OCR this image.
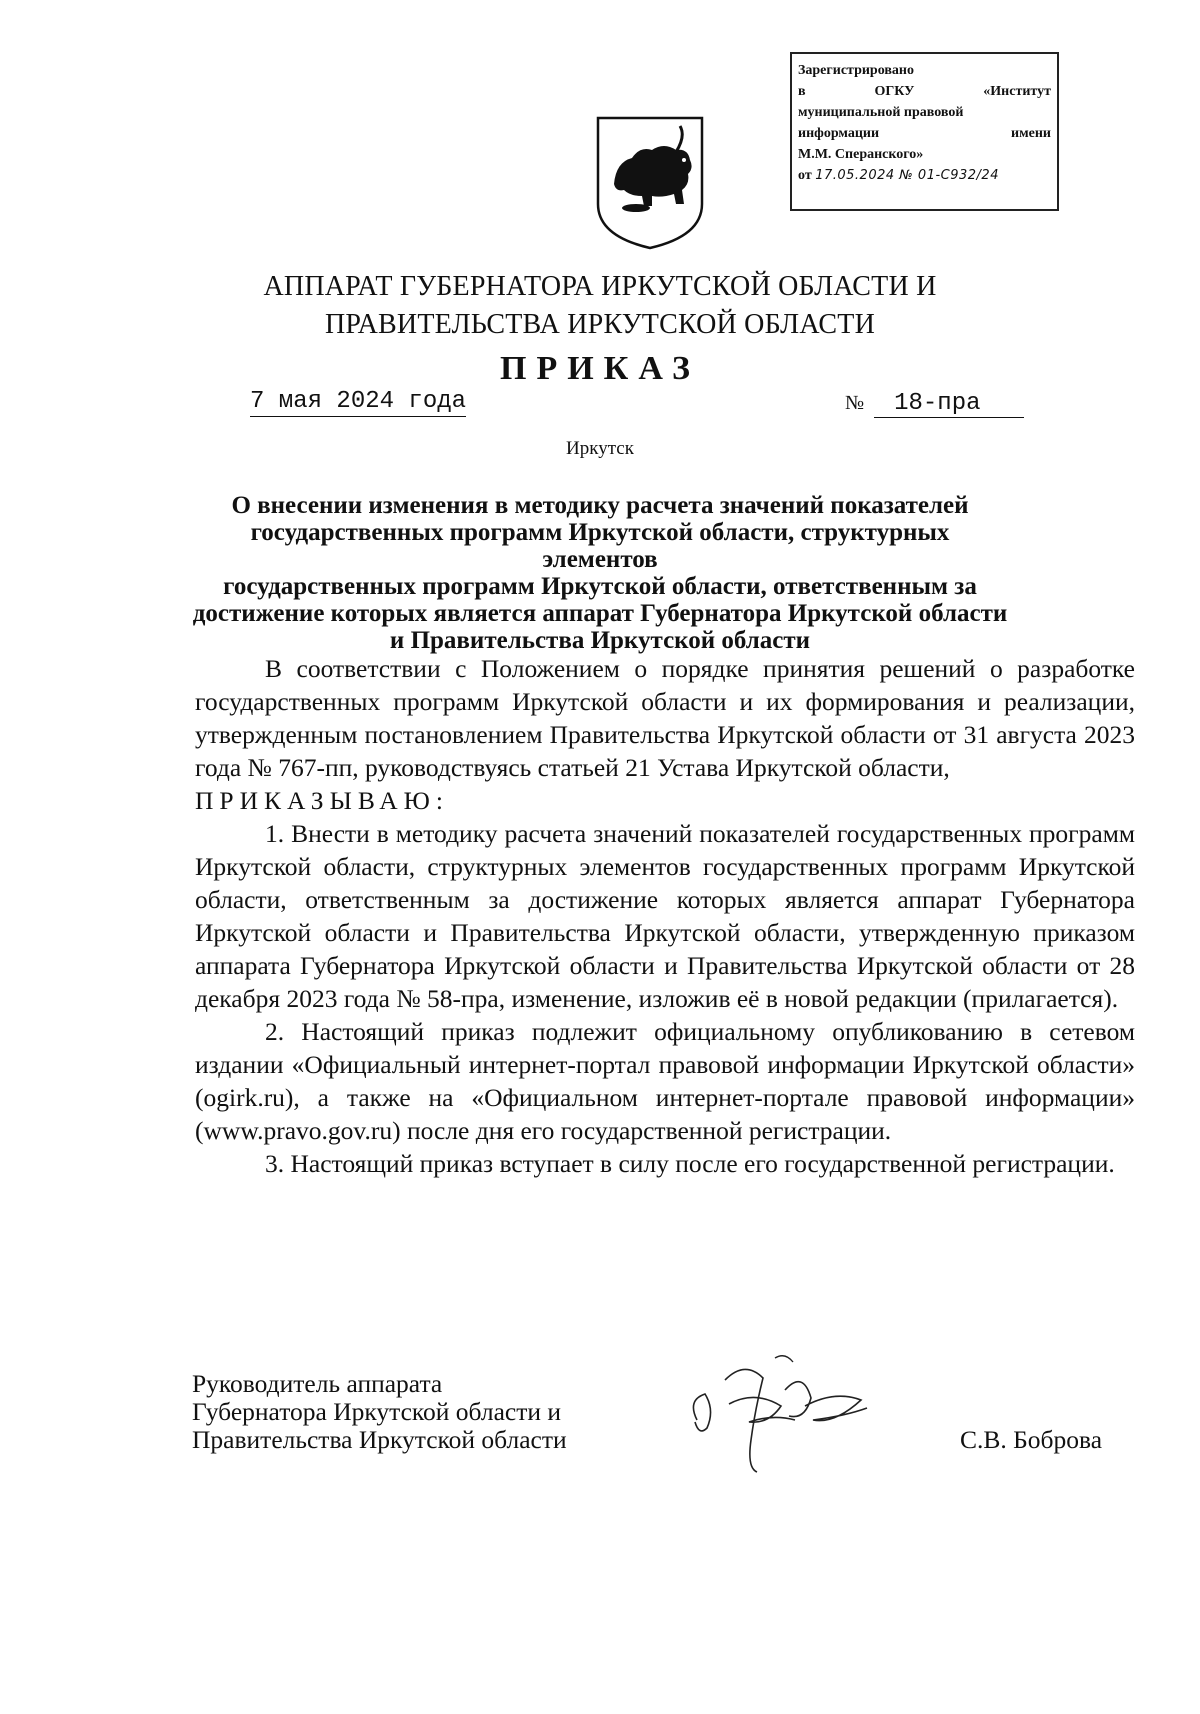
Зарегистрировано
в	ОГКУ	«Институт
муниципальной правовой
информации	имени
М.М. Сперанского»
от 17.05.2024 № 01-С932/24
АППАРАТ ГУБЕРНАТОРА ИРКУТСКОЙ ОБЛАСТИ И
ПРАВИТЕЛЬСТВА ИРКУТСКОЙ ОБЛАСТИ
ПРИКАЗ
7 мая 2024 года	№ 18-пра
Иркутск
О внесении изменения в методику расчета значений показателей
государственных программ Иркутской области, структурных элементов
государственных программ Иркутской области, ответственным за
достижение которых является аппарат Губернатора Иркутской области
и Правительства Иркутской области

В соответствии с Положением о порядке принятия решений о разработке государственных программ Иркутской области и их формирования и реализации, утвержденным постановлением Правительства Иркутской области от 31 августа 2023 года № 767-пп, руководствуясь статьей 21 Устава Иркутской области,

ПРИКАЗЫВАЮ:

1. Внести в методику расчета значений показателей государственных программ Иркутской области, структурных элементов государственных программ Иркутской области, ответственным за достижение которых является аппарат Губернатора Иркутской области и Правительства Иркутской области, утвержденную приказом аппарата Губернатора Иркутской области и Правительства Иркутской области от 28 декабря 2023 года № 58-пра, изменение, изложив её в новой редакции (прилагается).

2. Настоящий приказ подлежит официальному опубликованию в сетевом издании «Официальный интернет-портал правовой информации Иркутской области» (ogirk.ru), а также на «Официальном интернет-портале правовой информации» (www.pravo.gov.ru) после дня его государственной регистрации.

3. Настоящий приказ вступает в силу после его государственной регистрации.

Руководитель аппарата
Губернатора Иркутской области и
Правительства Иркутской области	С.В. Боброва
